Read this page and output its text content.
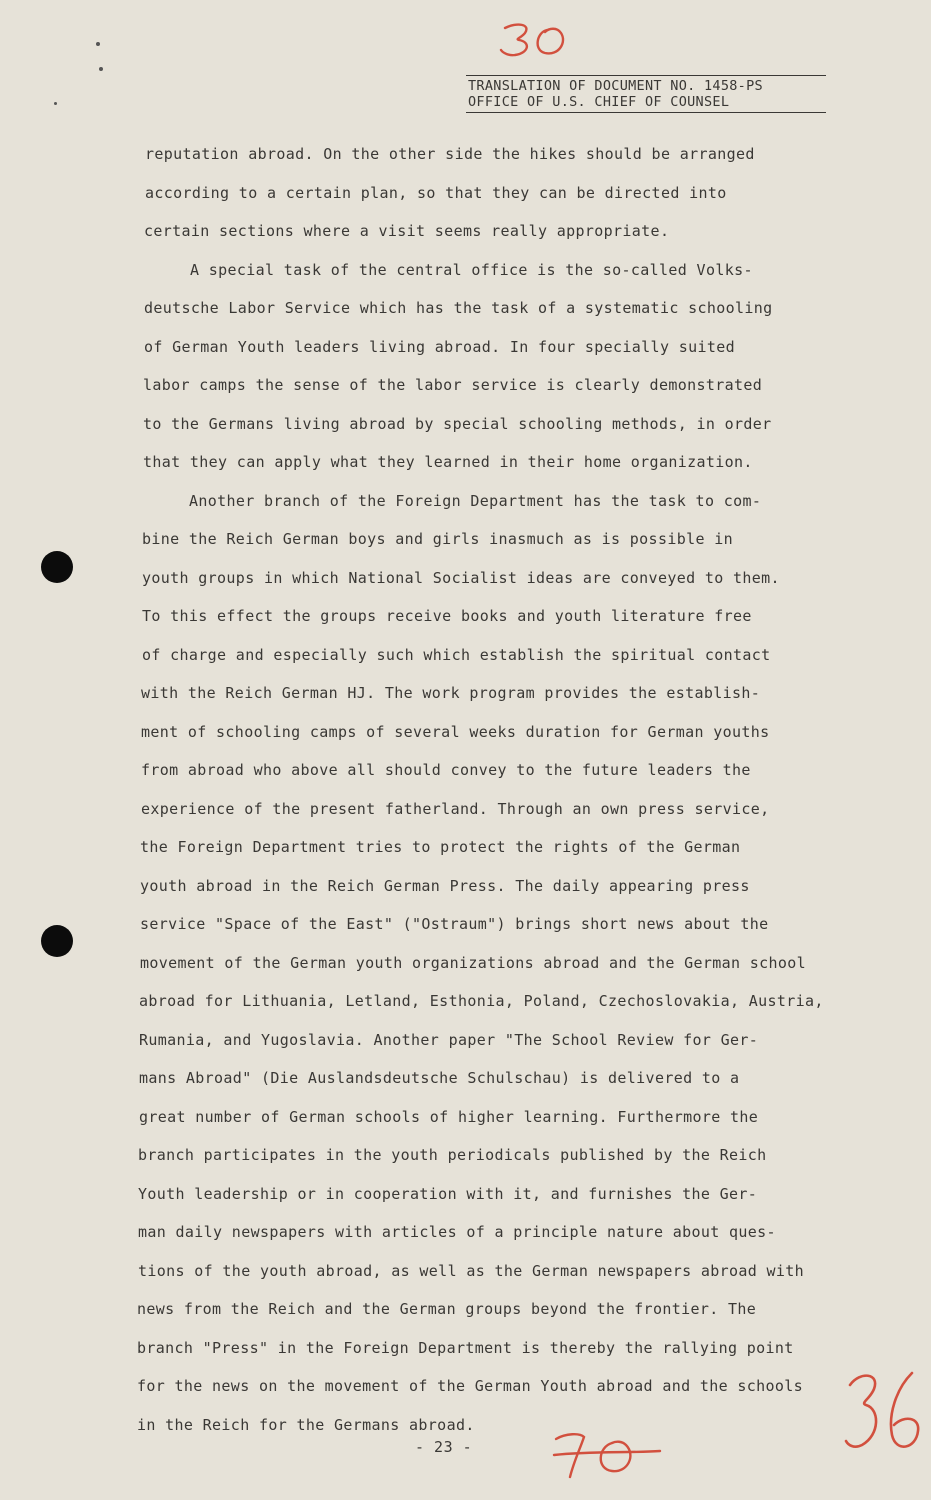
TRANSLATION OF DOCUMENT NO. 1458-PS
OFFICE OF U.S. CHIEF OF COUNSEL
reputation abroad. On the other side the hikes should be arranged
according to a certain plan, so that they can be directed into
certain sections where a visit seems really appropriate.
A special task of the central office is the so-called Volks-
deutsche Labor Service which has the task of a systematic schooling
of German Youth leaders living abroad. In four specially suited
labor camps the sense of the labor service is clearly demonstrated
to the Germans living abroad by special schooling methods, in order
that they can apply what they learned in their home organization.
Another branch of the Foreign Department has the task to com-
bine the Reich German boys and girls inasmuch as is possible in
youth groups in which National Socialist ideas are conveyed to them.
To this effect the groups receive books and youth literature free
of charge and especially such which establish the spiritual contact
with the Reich German HJ. The work program provides the establish-
ment of schooling camps of several weeks duration for German youths
from abroad who above all should convey to the future leaders the
experience of the present fatherland. Through an own press service,
the Foreign Department tries to protect the rights of the German
youth abroad in the Reich German Press. The daily appearing press
service "Space of the East" ("Ostraum") brings short news about the
movement of the German youth organizations abroad and the German school
abroad for Lithuania, Letland, Esthonia, Poland, Czechoslovakia, Austria,
Rumania, and Yugoslavia. Another paper "The School Review for Ger-
mans Abroad" (Die Auslandsdeutsche Schulschau) is delivered to a
great number of German schools of higher learning. Furthermore the
branch participates in the youth periodicals published by the Reich
Youth leadership or in cooperation with it, and furnishes the Ger-
man daily newspapers with articles of a principle nature about ques-
tions of the youth abroad, as well as the German newspapers abroad with
news from the Reich and the German groups beyond the frontier. The
branch "Press" in the Foreign Department is thereby the rallying point
for the news on the movement of the German Youth abroad and the schools
in the Reich for the Germans abroad.
- 23 -
